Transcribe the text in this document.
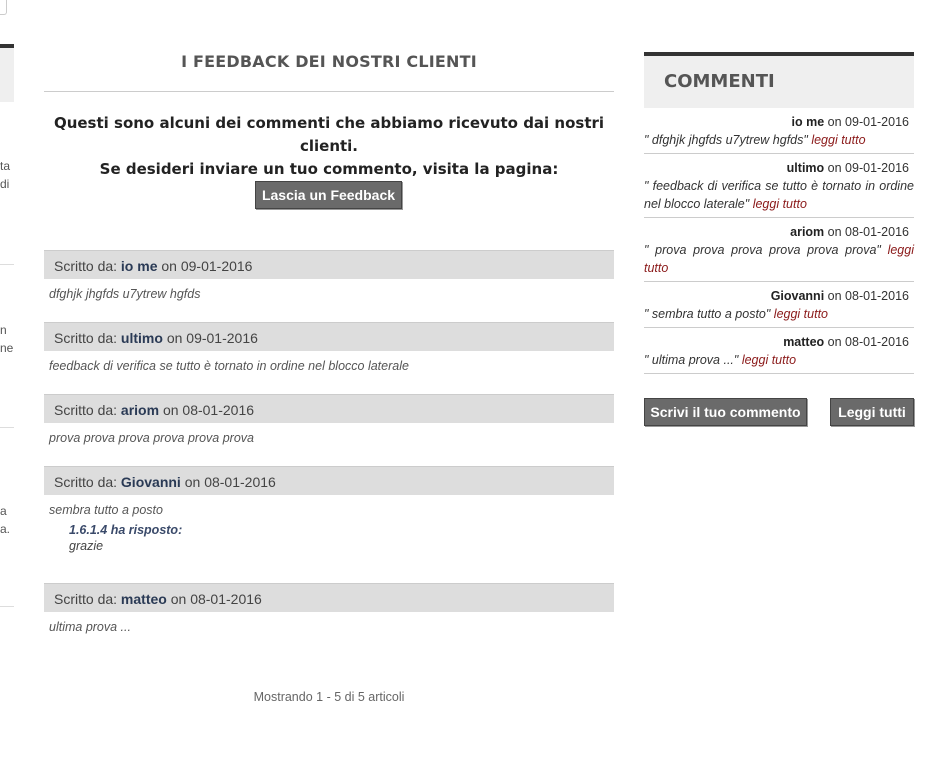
ta
di
n
ne
a
a.
I FEEDBACK DEI NOSTRI CLIENTI
Questi sono alcuni dei commenti che abbiamo ricevuto dai nostri clienti.
Se desideri inviare un tuo commento, visita la pagina:
Lascia un Feedback
Scritto da: io me on 09-01-2016
dfghjk jhgfds u7ytrew hgfds
Scritto da: ultimo on 09-01-2016
feedback di verifica se tutto è tornato in ordine nel blocco laterale
Scritto da: ariom on 08-01-2016
prova prova prova prova prova prova
Scritto da: Giovanni on 08-01-2016
sembra tutto a posto
1.6.1.4 ha risposto:
grazie
Scritto da: matteo on 08-01-2016
ultima prova ...
Mostrando 1 - 5 di 5 articoli
COMMENTI
io me on 09-01-2016
" dfghjk jhgfds u7ytrew hgfds" leggi tutto
ultimo on 09-01-2016
" feedback di verifica se tutto è tornato in ordine nel blocco laterale" leggi tutto
ariom on 08-01-2016
" prova prova prova prova prova prova" leggi tutto
Giovanni on 08-01-2016
" sembra tutto a posto" leggi tutto
matteo on 08-01-2016
" ultima prova ..." leggi tutto
Scrivi il tuo commento	Leggi tutti
